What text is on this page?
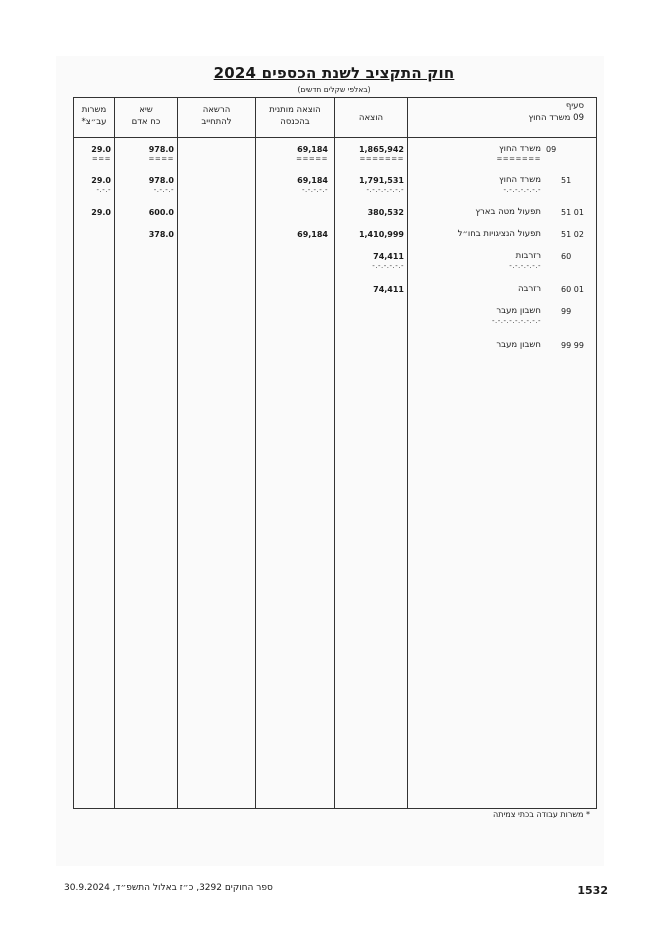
חוק התקציב לשנת הכספים 2024
(באלפי שקלים חדשים)
סעיף
09 משרד החוץ
הוצאה
הוצאה מותנית
בהכנסה
הרשאה
להתחייב
שיא
כח אדם
משרות
עב״צ*
09
משרד החוץ
=======
1,865,942
=======
69,184
=====
978.0
====
29.0
===
51
משרד החוץ
-.-.-.-.-.-.-
1,791,531
-.-.-.-.-.-.-
69,184
-.-.-.-.-
978.0
-.-.-.-
29.0
-.-.-
51 01
תפעול מטה בארץ
380,532
600.0
29.0
51 02
תפעול הנציגויות בחו״ל
1,410,999
69,184
378.0
60
רזרבות
-.-.-.-.-.-
74,411
-.-.-.-.-.-
60 01
רזרבה
74,411
99
חשבון מעבר
-.-.-.-.-.-.-.-.-
99 99
חשבון מעבר
* משרות עבודה בכתי צמיתה
ספר החוקים 3292, כ״ז באלול התשפ״ד, 30.9.2024	1532
